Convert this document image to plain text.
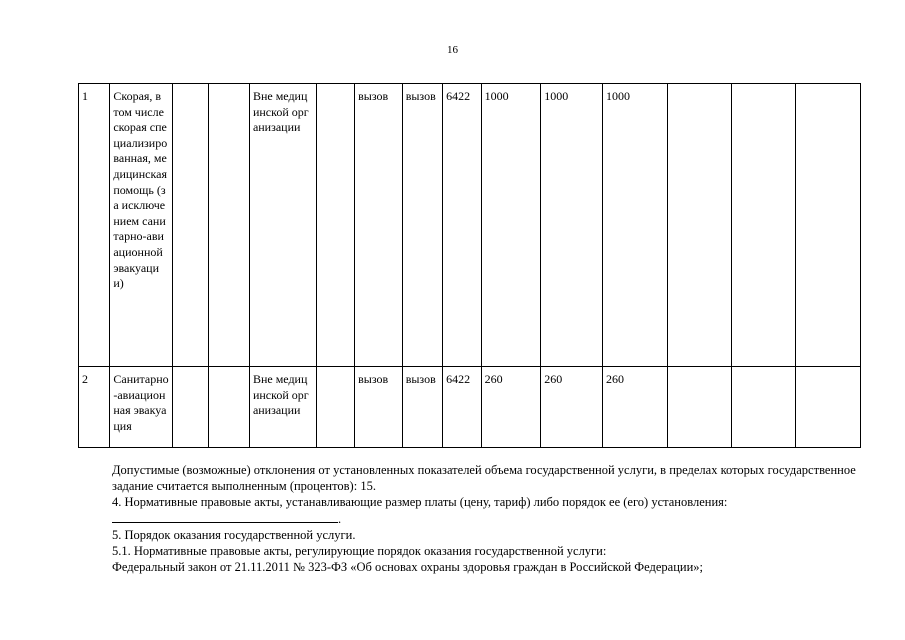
16
1	Скорая, в том числе скорая специализированная, медицинская помощь (за исключением санитарно-авиационной эвакуации)			Вне медицинской организации		вызов	вызов	6422	1000	1000	1000			
2	Санитарно-авиационная эвакуация			Вне медицинской организации		вызов	вызов	6422	260	260	260			

Допустимые (возможные) отклонения от установленных показателей объема государственной услуги, в пределах которых государственное задание считается выполненным (процентов): 15.

4. Нормативные правовые акты, устанавливающие размер платы (цену, тариф) либо порядок ее (его) установления:

.

5. Порядок оказания государственной услуги.

5.1. Нормативные правовые акты, регулирующие порядок оказания государственной услуги:

Федеральный закон от 21.11.2011 № 323-ФЗ «Об основах охраны здоровья граждан в Российской Федерации»;
